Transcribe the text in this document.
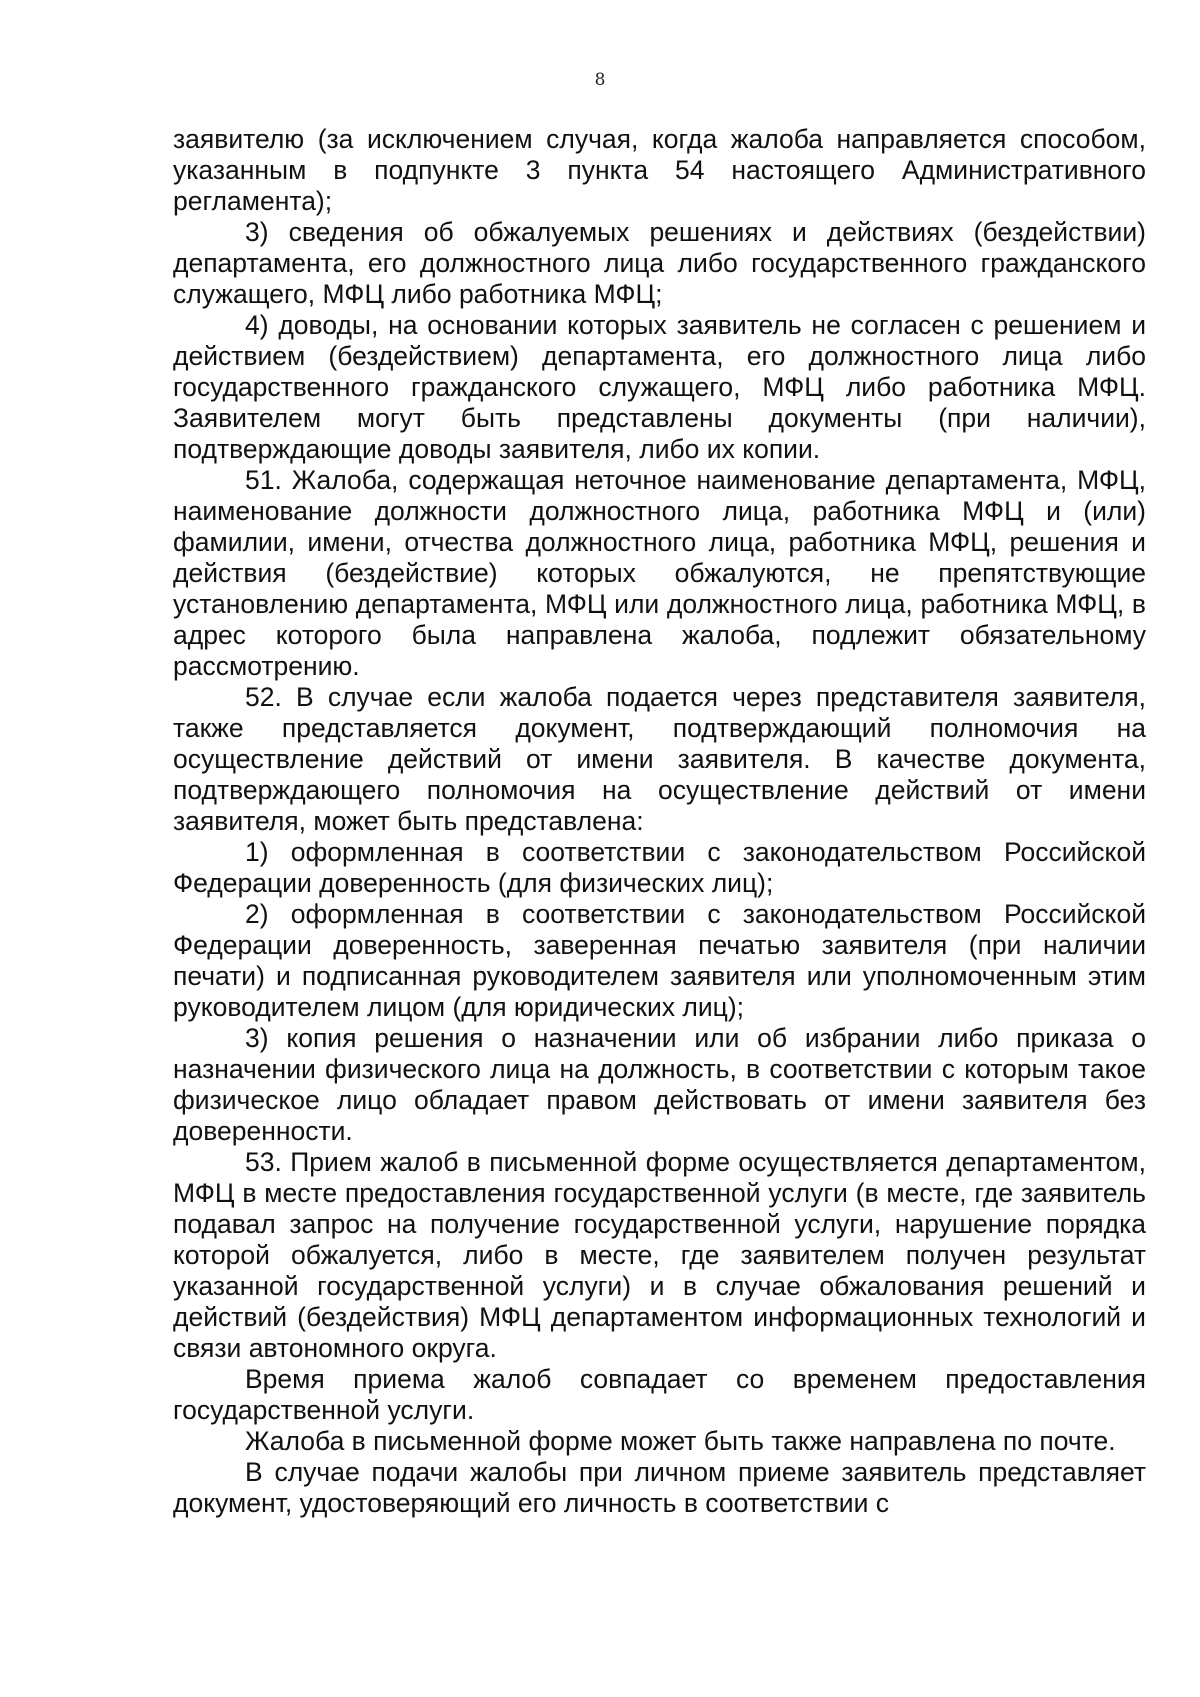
8

заявителю (за исключением случая, когда жалоба направляется способом, указанным в подпункте 3 пункта 54 настоящего Административного регламента);

3) сведения об обжалуемых решениях и действиях (бездействии) департамента, его должностного лица либо государственного гражданского служащего, МФЦ либо работника МФЦ;

4) доводы, на основании которых заявитель не согласен с решением и действием (бездействием) департамента, его должностного лица либо государственного гражданского служащего, МФЦ либо работника МФЦ. Заявителем могут быть представлены документы (при наличии), подтверждающие доводы заявителя, либо их копии.

51. Жалоба, содержащая неточное наименование департамента, МФЦ, наименование должности должностного лица, работника МФЦ и (или) фамилии, имени, отчества должностного лица, работника МФЦ, решения и действия (бездействие) которых обжалуются, не препятствующие установлению департамента, МФЦ или должностного лица, работника МФЦ, в адрес которого была направлена жалоба, подлежит обязательному рассмотрению.

52. В случае если жалоба подается через представителя заявителя, также представляется документ, подтверждающий полномочия на осуществление действий от имени заявителя. В качестве документа, подтверждающего полномочия на осуществление действий от имени заявителя, может быть представлена:

1) оформленная в соответствии с законодательством Российской Федерации доверенность (для физических лиц);

2) оформленная в соответствии с законодательством Российской Федерации доверенность, заверенная печатью заявителя (при наличии печати) и подписанная руководителем заявителя или уполномоченным этим руководителем лицом (для юридических лиц);

3) копия решения о назначении или об избрании либо приказа о назначении физического лица на должность, в соответствии с которым такое физическое лицо обладает правом действовать от имени заявителя без доверенности.

53. Прием жалоб в письменной форме осуществляется департаментом, МФЦ в месте предоставления государственной услуги (в месте, где заявитель подавал запрос на получение государственной услуги, нарушение порядка которой обжалуется, либо в месте, где заявителем получен результат указанной государственной услуги) и в случае обжалования решений и действий (бездействия) МФЦ департаментом информационных технологий и связи автономного округа.

Время приема жалоб совпадает со временем предоставления государственной услуги.

Жалоба в письменной форме может быть также направлена по почте.

В случае подачи жалобы при личном приеме заявитель представляет документ, удостоверяющий его личность в соответствии с
